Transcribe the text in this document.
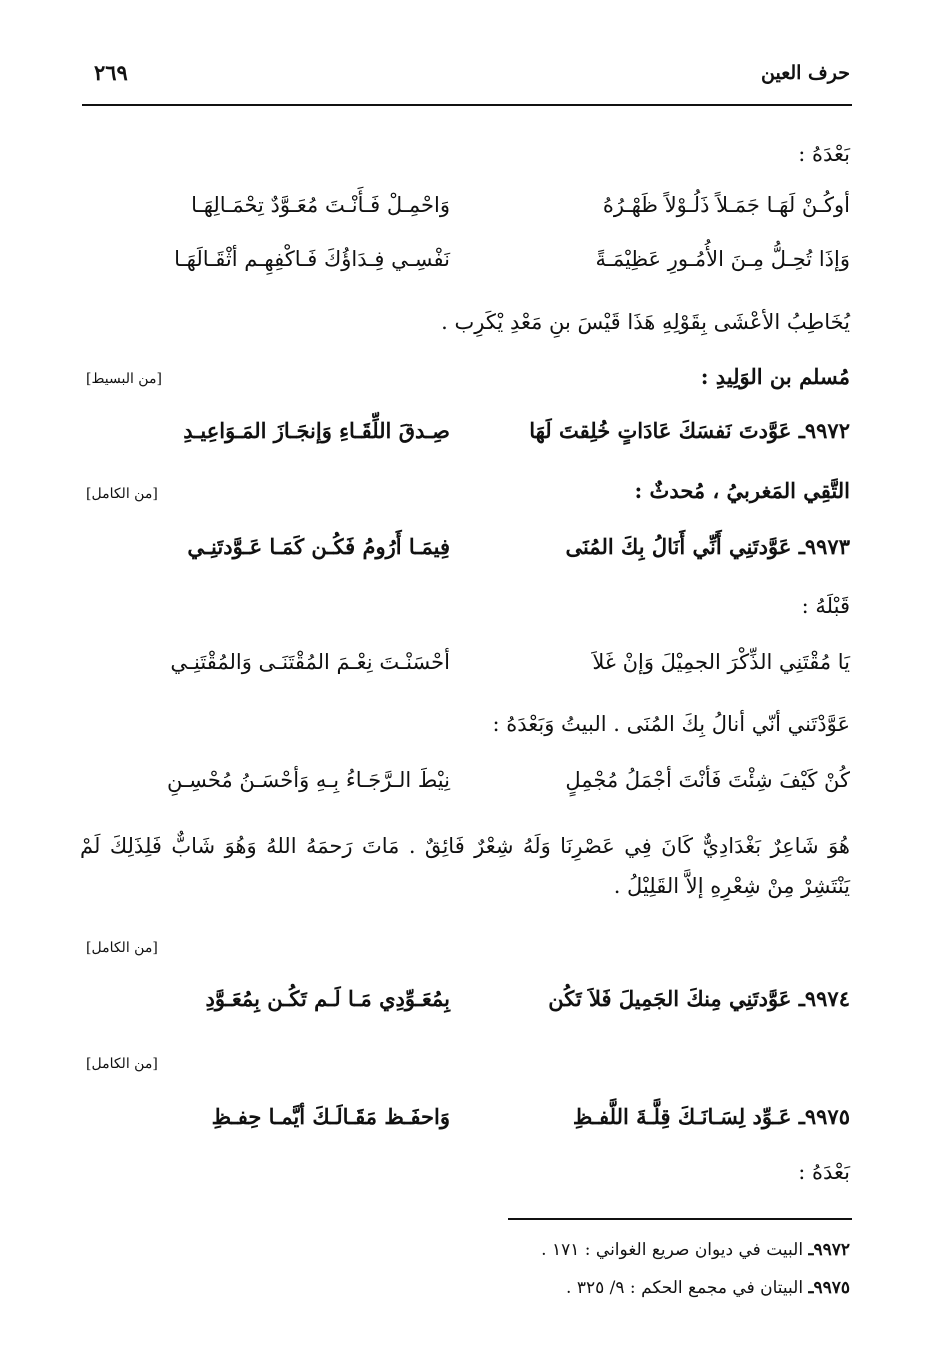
حرف العين
٢٦٩
بَعْدَهُ :
أوكُـنْ لَهَـا جَمَـلاً ذَلُـوْلاً ظَهْـرُهُ
وَاحْمِـلْ فَـأَنْـتَ مُعَـوَّدٌ تِحْمَـالِهَـا
وَإذَا تُحِـلُّ مِـنَ الأُمُـورِ عَظِيْمَـةً
نَفْسِـي فِـدَاؤُكَ فَـاكْفِهِـم أثْقَـالَهَـا
يُخَاطِبُ الأعْشَى بِقَوْلِهِ هَذَا قَيْسَ بنِ مَعْدِ يْكَرِب .
مُسلم بن الوَلِيدِ :
[من البسيط]
٩٩٧٢ـ عَوَّدتَ نَفسَكَ عَادَاتٍ خُلِقتَ لَهَا
صِـدقَ اللِّقَـاءِ وَإنجَـازَ المَـوَاعِيـدِ
التَّقِي المَغربيُ ، مُحدثٌ :
[من الكامل]
٩٩٧٣ـ عَوَّدتَنِي أَنِّي أَنَالُ بِكَ المُنَى
فِيمَـا أَرُومُ فَكُـن كَمَـا عَـوَّدتَنِـي
قَبْلَهُ :
يَا مُقْتَنِي الذِّكْرَ الجمِيْلَ وَإنْ غَلاَ
أحْسَنْـتَ نِعْـمَ المُقْتَنَـى وَالمُقْتَنِـي
عَوَّدْتَني أنّي أنالُ بِكَ المُنَى . البيتُ وَبَعْدَهُ :
كُنْ كَيْفَ شِئْتَ فَأنْتَ أجْمَلُ مُجْمِلٍ
نِيْطَ الـرَّجَـاءُ بِـهِ وَأحْسَـنُ مُحْسِـنِ
هُوَ شَاعِرٌ بَغْدَادِيٌّ كَانَ فِي عَصْرِنَا وَلَهُ شِعْرٌ فَائِقٌ . مَاتَ رَحمَهُ اللهُ وَهُوَ شَابٌّ فَلِذَلِكَ لَمْ يَنْتَشِرْ مِنْ شِعْرِهِ إلاَّ القَلِيْلُ .
[من الكامل]
٩٩٧٤ـ عَوَّدتَنِي مِنكَ الجَمِيلَ فَلاَ تَكُن
بِمُعَـوِّدِي مَـا لَـم تَكُـن بِمُعَـوَّدِ
[من الكامل]
٩٩٧٥ـ عَـوِّد لِسَـانَـكَ قِلَّـةَ اللَّفـظِ
وَاحفَـظ مَقَـالَـكَ أيَّمـا حِفـظِ
بَعْدَهُ :
٩٩٧٢ـ البيت في ديوان صريع الغواني : ١٧١ .
٩٩٧٥ـ البيتان في مجمع الحكم : ٩/ ٣٢٥ .
